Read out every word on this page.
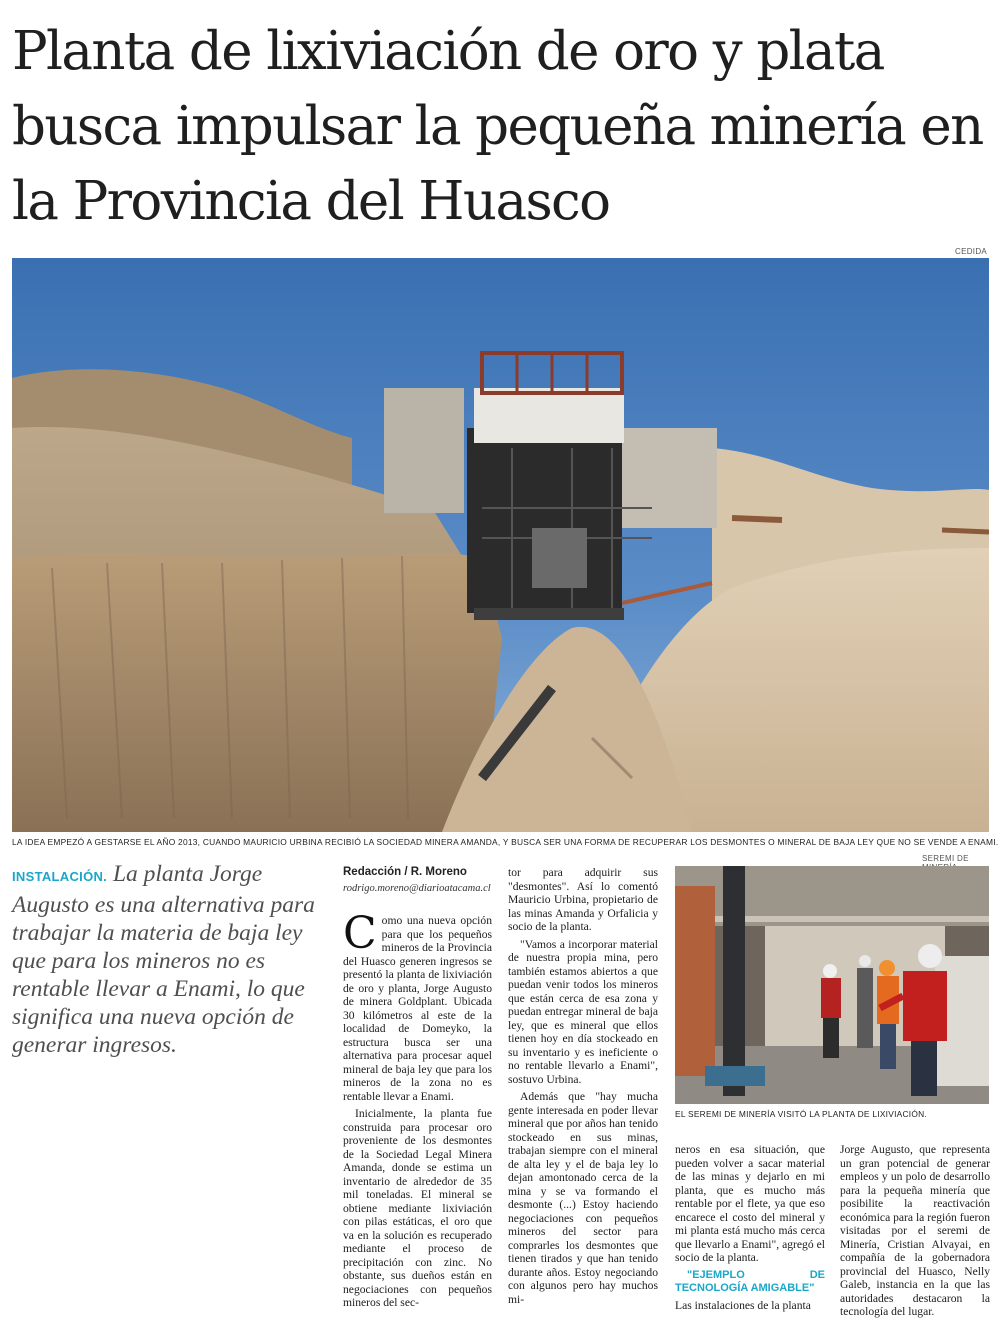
Planta de lixiviación de oro y plata busca impulsar la pequeña minería en la Provincia del Huasco
CEDIDA
LA IDEA EMPEZÓ A GESTARSE EL AÑO 2013, CUANDO MAURICIO URBINA RECIBIÓ LA SOCIEDAD MINERA AMANDA, Y BUSCA SER UNA FORMA DE RECUPERAR LOS DESMONTES O MINERAL DE BAJA LEY QUE NO SE VENDE A ENAMI.

INSTALACIÓN. La planta Jorge Augusto es una alternativa para trabajar la materia de baja ley que para los mineros no es rentable llevar a Enami, lo que significa una nueva opción de generar ingresos.

Redacción / R. Moreno
rodrigo.moreno@diarioatacama.cl

Como una nueva opción para que los pequeños mineros de la Provincia del Huasco generen ingresos se presentó la planta de lixiviación de oro y planta, Jorge Augusto de minera Goldplant. Ubicada 30 kilómetros al este de la localidad de Domeyko, la estructura busca ser una alternativa para procesar aquel mineral de baja ley que para los mineros de la zona no es rentable llevar a Enami.

Inicialmente, la planta fue construida para procesar oro proveniente de los desmontes de la Sociedad Legal Minera Amanda, donde se estima un inventario de alrededor de 35 mil toneladas. El mineral se obtiene mediante lixiviación con pilas estáticas, el oro que va en la solución es recuperado mediante el proceso de precipitación con zinc. No obstante, sus dueños están en negociaciones con pequeños mineros del sec-

tor para adquirir sus "desmontes". Así lo comentó Mauricio Urbina, propietario de las minas Amanda y Orfalicia y socio de la planta.

"Vamos a incorporar material de nuestra propia mina, pero también estamos abiertos a que puedan venir todos los mineros que están cerca de esa zona y puedan entregar mineral de baja ley, que es mineral que ellos tienen hoy en día stockeado en su inventario y es ineficiente o no rentable llevarlo a Enami", sostuvo Urbina.

Además que "hay mucha gente interesada en poder llevar mineral que por años han tenido stockeado en sus minas, trabajan siempre con el mineral de alta ley y el de baja ley lo dejan amontonado cerca de la mina y se va formando el desmonte (...) Estoy haciendo negociaciones con pequeños mineros del sector para comprarles los desmontes que tienen tirados y que han tenido durante años. Estoy negociando con algunos pero hay muchos mi-

SEREMI DE
EL SEREMI DE MINERÍA VISITÓ LA PLANTA DE LIXIVIACIÓN.

neros en esa situación, que pueden volver a sacar material de las minas y dejarlo en mi planta, que es mucho más rentable por el flete, ya que eso encarece el costo del mineral y mi planta está mucho más cerca que llevarlo a Enami", agregó el socio de la planta.

"EJEMPLO DE TECNOLOGÍA AMIGABLE"

Las instalaciones de la planta

Jorge Augusto, que representa un gran potencial de generar empleos y un polo de desarrollo para la pequeña minería que posibilite la reactivación económica para la región fueron visitadas por el seremi de Minería, Cristian Alvayai, en compañía de la gobernadora provincial del Huasco, Nelly Galeb, instancia en la que las autoridades destacaron la tecnología del lugar.
